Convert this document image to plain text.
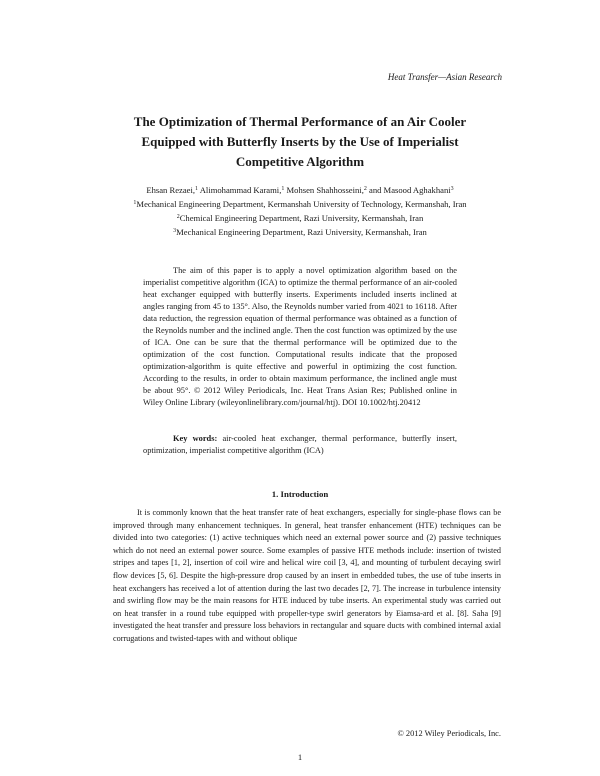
Heat Transfer—Asian Research
The Optimization of Thermal Performance of an Air Cooler
Equipped with Butterfly Inserts by the Use of Imperialist
Competitive Algorithm
Ehsan Rezaei,$^1$ Alimohammad Karami,$^1$ Mohsen Shahhosseini,$^2$ and Masood Aghakhani$^3$
$^1$Mechanical Engineering Department, Kermanshah University of Technology, Kermanshah, Iran
$^2$Chemical Engineering Department, Razi University, Kermanshah, Iran
$^3$Mechanical Engineering Department, Razi University, Kermanshah, Iran

The aim of this paper is to apply a novel optimization algorithm based on the imperialist competitive algorithm (ICA) to optimize the thermal performance of an air-cooled heat exchanger equipped with butterfly inserts. Experiments included inserts inclined at angles ranging from 45 to 135°. Also, the Reynolds number varied from 4021 to 16118. After data reduction, the regression equation of thermal performance was obtained as a function of the Reynolds number and the inclined angle. Then the cost function was optimized by the use of ICA. One can be sure that the thermal performance will be optimized due to the optimization of the cost function. Computational results indicate that the proposed optimization-algorithm is quite effective and powerful in optimizing the cost function. According to the results, in order to obtain maximum performance, the inclined angle must be about 95°. © 2012 Wiley Periodicals, Inc. Heat Trans Asian Res; Published online in Wiley Online Library (wileyonlinelibrary.com/journal/htj). DOI 10.1002/htj.20412

Key words: air-cooled heat exchanger, thermal performance, butterfly insert, optimization, imperialist competitive algorithm (ICA)
1. Introduction

It is commonly known that the heat transfer rate of heat exchangers, especially for single-phase flows can be improved through many enhancement techniques. In general, heat transfer enhancement (HTE) techniques can be divided into two categories: (1) active techniques which need an external power source and (2) passive techniques which do not need an external power source. Some examples of passive HTE methods include: insertion of twisted stripes and tapes [1, 2], insertion of coil wire and helical wire coil [3, 4], and mounting of turbulent decaying swirl flow devices [5, 6]. Despite the high-pressure drop caused by an insert in embedded tubes, the use of tube inserts in heat exchangers has received a lot of attention during the last two decades [2, 7]. The increase in turbulence intensity and swirling flow may be the main reasons for HTE induced by tube inserts. An experimental study was carried out on heat transfer in a round tube equipped with propeller-type swirl generators by Eiamsa-ard et al. [8]. Saha [9] investigated the heat transfer and pressure loss behaviors in rectangular and square ducts with combined internal axial corrugations and twisted-tapes with and without oblique

© 2012 Wiley Periodicals, Inc.
1
